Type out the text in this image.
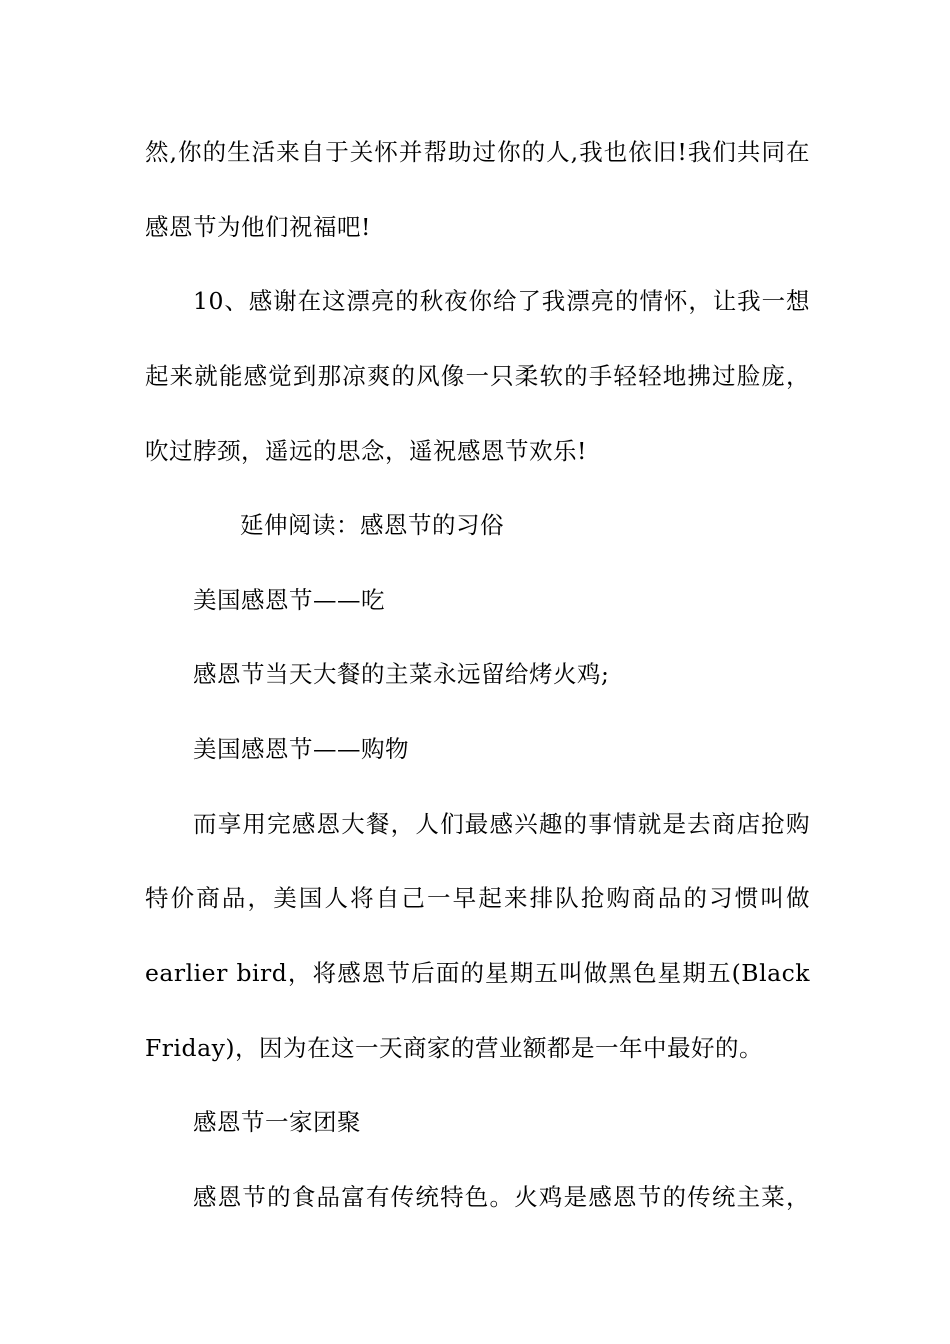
然,你的生活来自于关怀并帮助过你的人,我也依旧!我们共同在
感恩节为他们祝福吧!
10、感谢在这漂亮的秋夜你给了我漂亮的情怀，让我一想
起来就能感觉到那凉爽的风像一只柔软的手轻轻地拂过脸庞，
吹过脖颈，遥远的思念，遥祝感恩节欢乐!
延伸阅读：感恩节的习俗
美国感恩节——吃
感恩节当天大餐的主菜永远留给烤火鸡;
美国感恩节——购物
而享用完感恩大餐，人们最感兴趣的事情就是去商店抢购
特价商品，美国人将自己一早起来排队抢购商品的习惯叫做
earlier bird，将感恩节后面的星期五叫做黑色星期五(Black
Friday)，因为在这一天商家的营业额都是一年中最好的。
感恩节一家团聚
感恩节的食品富有传统特色。火鸡是感恩节的传统主菜，
